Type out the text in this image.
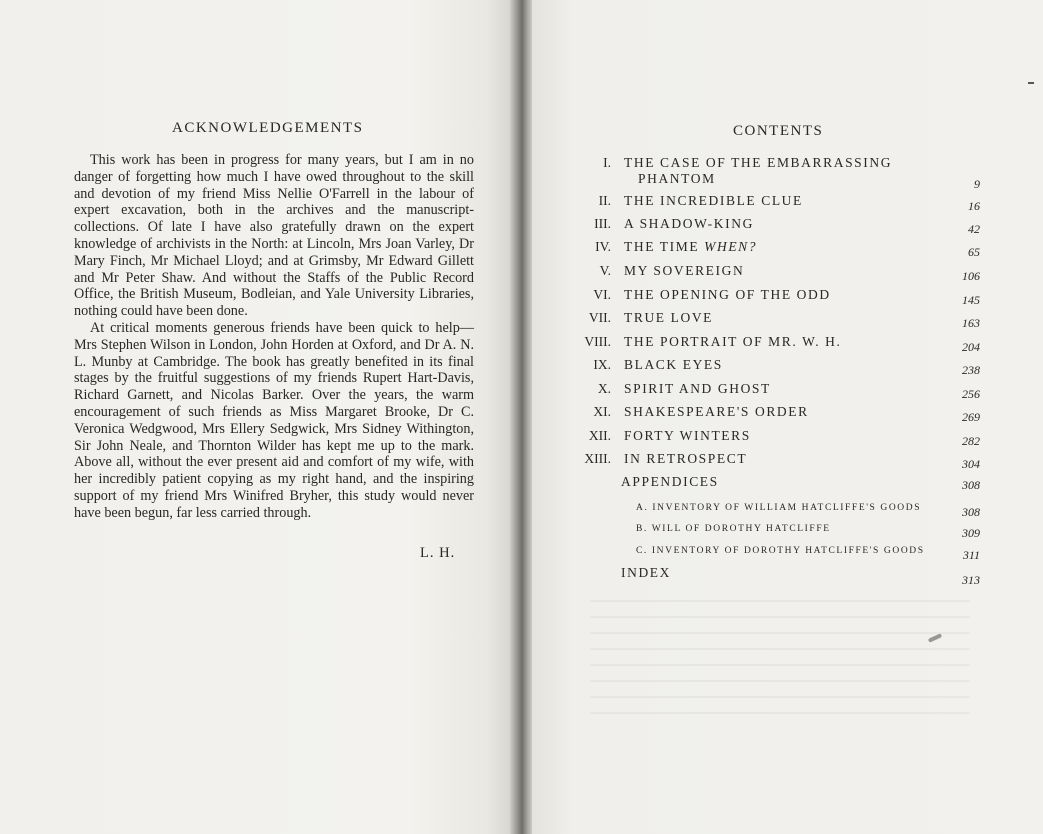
ACKNOWLEDGEMENTS

This work has been in progress for many years, but I am in no danger of forgetting how much I have owed throughout to the skill and devotion of my friend Miss Nellie O'Farrell in the labour of expert excavation, both in the archives and the manuscript-collections. Of late I have also gratefully drawn on the expert knowledge of archivists in the North: at Lincoln, Mrs Joan Varley, Dr Mary Finch, Mr Michael Lloyd; and at Grimsby, Mr Edward Gillett and Mr Peter Shaw. And without the Staffs of the Public Record Office, the British Museum, Bodleian, and Yale University Libraries, nothing could have been done.

At critical moments generous friends have been quick to help—Mrs Stephen Wilson in London, John Horden at Oxford, and Dr A. N. L. Munby at Cambridge. The book has greatly benefited in its final stages by the fruitful suggestions of my friends Rupert Hart-Davis, Richard Garnett, and Nicolas Barker. Over the years, the warm encouragement of such friends as Miss Margaret Brooke, Dr C. Veronica Wedgwood, Mrs Ellery Sedgwick, Mrs Sidney Withington, Sir John Neale, and Thornton Wilder has kept me up to the mark. Above all, without the ever present aid and comfort of my wife, with her incredibly patient copying as my right hand, and the inspiring support of my friend Mrs Winifred Bryher, this study would never have been begun, far less carried through.

L. H.
CONTENTS
I. THE CASE OF THE EMBARRASSING
PHANTOM	9
II. THE INCREDIBLE CLUE	16
III. A SHADOW-KING	42
IV. THE TIME WHEN?	65
V. MY SOVEREIGN	106
VI. THE OPENING OF THE ODD	145
VII. TRUE LOVE	163
VIII. THE PORTRAIT OF MR. W. H.	204
IX. BLACK EYES	238
X. SPIRIT AND GHOST	256
XI. SHAKESPEARE'S ORDER	269
XII. FORTY WINTERS	282
XIII. IN RETROSPECT	304
APPENDICES	308
A. INVENTORY OF WILLIAM HATCLIFFE'S GOODS	308
B. WILL OF DOROTHY HATCLIFFE	309
C. INVENTORY OF DOROTHY HATCLIFFE'S GOODS	311
INDEX	313
